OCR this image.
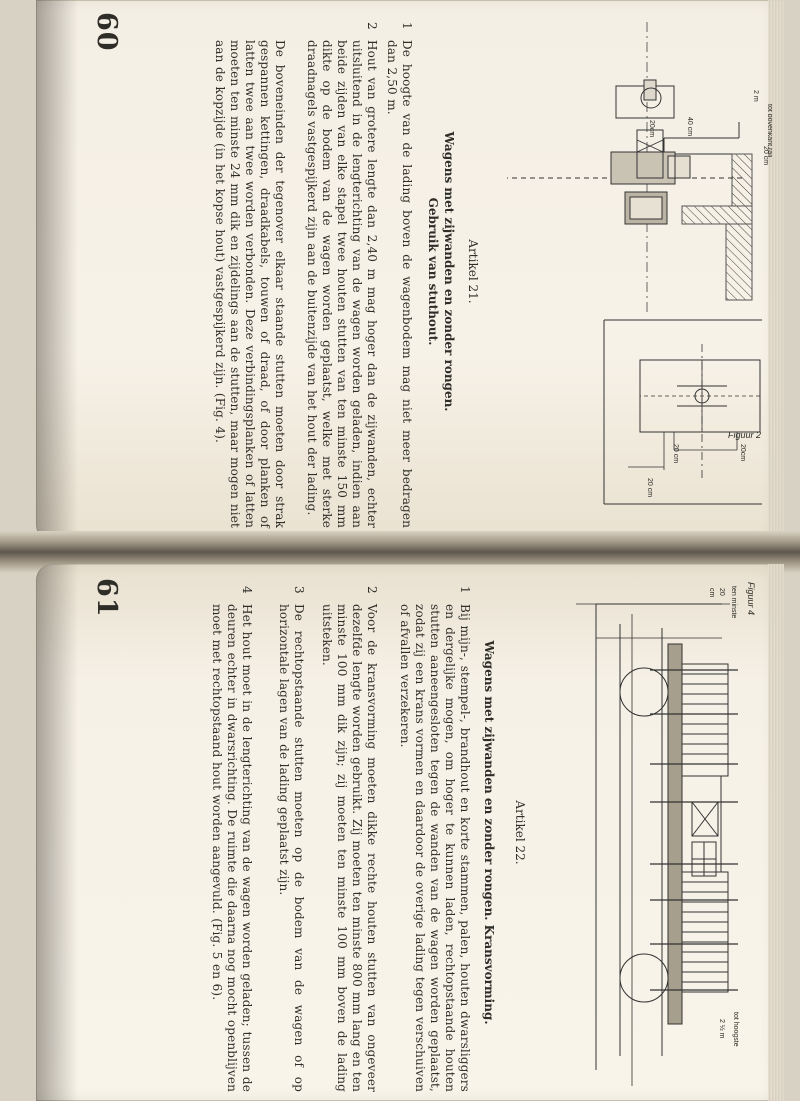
60
Figuur 2
tot bovenkant rail
2 m
40 cm
20 cm
20cm
20cm
20 cm
20 cm
Artikel 21.
Wagens met zijwanden en zonder rongen.
Gebruik van stuthout.
1
De hoogte van de lading boven de wagenbodem mag niet meer bedragen dan 2,50 m.
2
Hout van grotere lengte dan 2,40 m mag hoger dan de zijwanden, echter uitsluitend in de lengterichting van de wagen worden geladen, indien aan beide zijden van elke stapel twee houten stutten van ten minste 150 mm dikte op de bodem van de wagen worden geplaatst, welke met sterke draadnagels vastgespijkerd zijn aan de buitenzijde van het hout der lading.
De boveneinden der tegenover elkaar staande stutten moeten door strak gespannen kettingen, draadkabels, touwen of draad, of door planken of latten twee aan twee worden verbonden. Deze verbindingsplanken of latten moeten ten minste 24 mm dik en zijdelings aan de stutten, maar mogen niet aan de kopzijde (in het kopse hout) vastgespijkerd zijn. (Fig. 4).
61	Figuur 4
ten minste
20
cm
tot hoogste
2 ½ m
Artikel 22.
Wagens met zijwanden en zonder rongen. Kransvorming.
1
Bij mijn-, stempel-, brandhout en korte stammen, palen, houten dwarsliggers en dergelijke mogen, om hoger te kunnen laden, rechtopstaande houten stutten aaneengesloten tegen de wanden van de wagen worden geplaatst, zodat zij een krans vormen en daardoor de overige lading tegen verschuiven of afvallen verzekeren.
2
Voor de kransvorming moeten dikke rechte houten stutten van ongeveer dezelfde lengte worden gebruikt. Zij moeten ten minste 800 mm lang en ten minste 100 mm dik zijn; zij moeten ten minste 100 mm boven de lading uitsteken.
3
De rechtopstaande stutten moeten op de bodem van de wagen of op horizontale lagen van de lading geplaatst zijn.
4
Het hout moet in de lengterichting van de wagen worden geladen; tussen de deuren echter in dwarsrichting. De ruimte die daarna nog mocht openblijven moet met rechtopstaand hout worden aangevuld. (Fig. 5 en 6).
